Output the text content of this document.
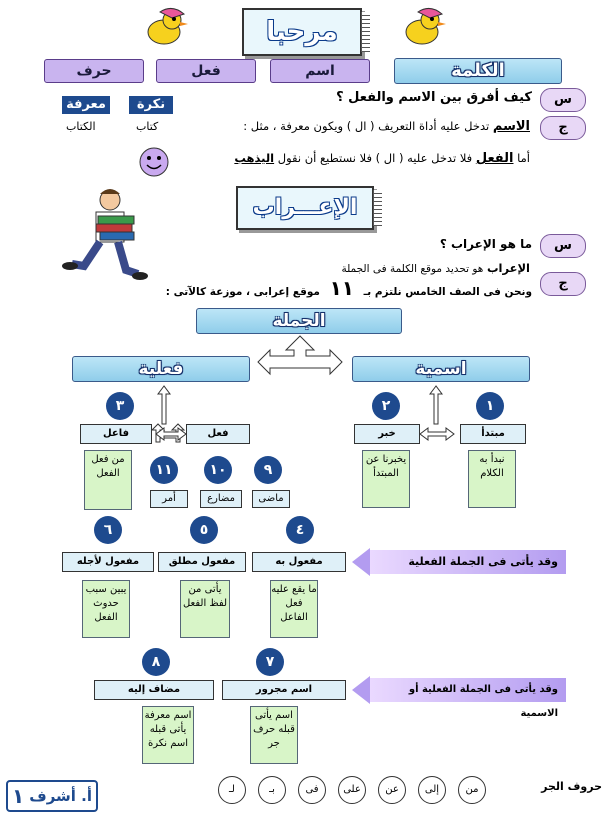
مرحبا
حرف	فعل	اسم	الكلمة
س
كيف أفرق بين الاسم والفعل ؟
نكرة
معرفة
ج
الاسم تدخل عليه أداة التعريف ( ال ) ويكون معرفة ، مثل :
كتاب
الكتاب
أما الفعل فلا تدخل عليه ( ال ) فلا نستطيع أن نقول اليذهب
الإعـــراب
س
ما هو الإعراب ؟
الإعراب هو تحديد موقع الكلمة فى الجملة
ج
ونحن فى الصف الخامس نلتزم بـ ١١ موقع إعرابى ، موزعة كالآتى :
الجملة
فعلية	اسمية
٣	٢	١
فاعل	فعل	خبر	مبتدأ
من فعل الفعل
يخبرنا عن المبتدأ
نبدأ به الكلام
١١	١٠	٩
أمر	مضارع	ماضى
٦	٥	٤
مفعول لأجله	مفعول مطلق	مفعول به	وقد يأتى فى الجملة الفعلية
يبين سبب حدوث الفعل
يأتى من لفظ الفعل
ما يقع عليه فعل الفاعل
٨	٧
مضاف إليه	اسم مجرور	وقد يأتى فى الجملة الفعلية أو الاسمية
اسم معرفة يأتى قبله اسم نكرة
اسم يأتى قبله حرف جر
حروف الجر
من
إلى
عن
على
فى
بـ
لـ
١ أ. أشرف
